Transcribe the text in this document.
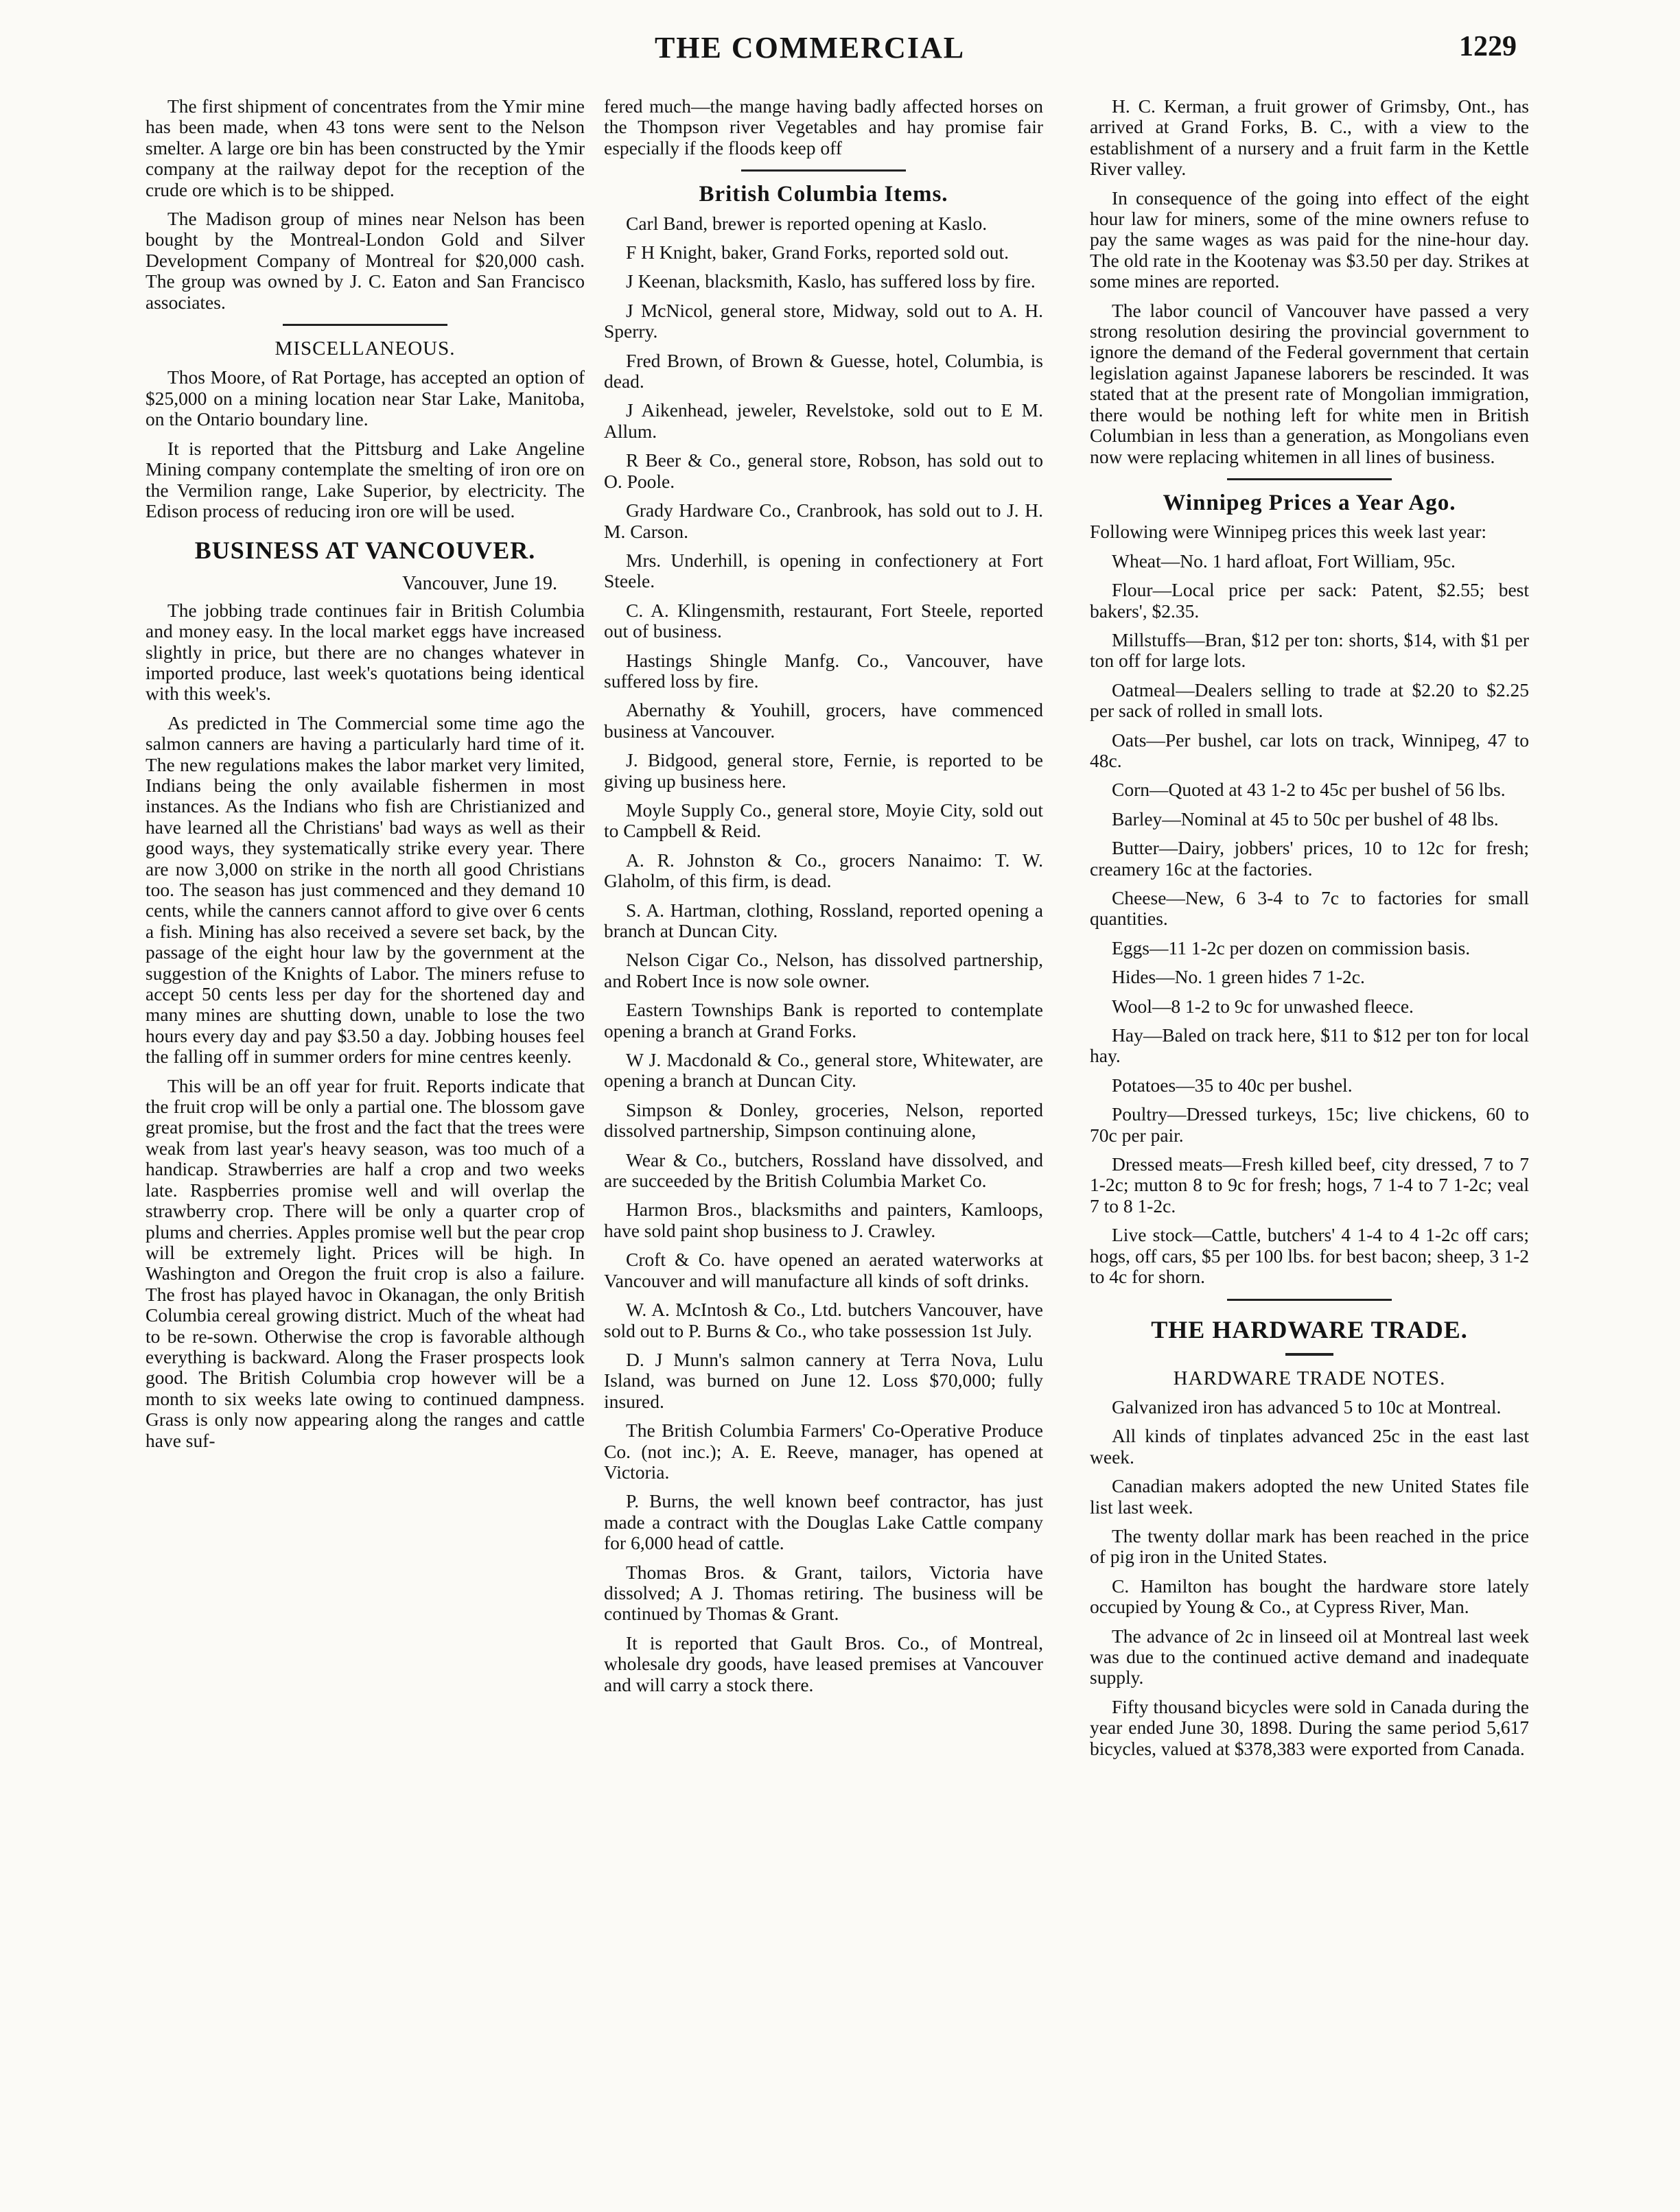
THE COMMERCIAL	1229

The first shipment of concentrates from the Ymir mine has been made, when 43 tons were sent to the Nelson smelter. A large ore bin has been constructed by the Ymir company at the railway depot for the reception of the crude ore which is to be shipped.

The Madison group of mines near Nelson has been bought by the Montreal-London Gold and Silver Development Company of Montreal for $20,000 cash. The group was owned by J. C. Eaton and San Francisco associates.

MISCELLANEOUS.

Thos Moore, of Rat Portage, has accepted an option of $25,000 on a mining location near Star Lake, Manitoba, on the Ontario boundary line.

It is reported that the Pittsburg and Lake Angeline Mining company contemplate the smelting of iron ore on the Vermilion range, Lake Superior, by electricity. The Edison process of reducing iron ore will be used.

BUSINESS AT VANCOUVER.
Vancouver, June 19.

The jobbing trade continues fair in British Columbia and money easy. In the local market eggs have increased slightly in price, but there are no changes whatever in imported produce, last week's quotations being identical with this week's.

As predicted in The Commercial some time ago the salmon canners are having a particularly hard time of it. The new regulations makes the labor market very limited, Indians being the only available fishermen in most instances. As the Indians who fish are Christianized and have learned all the Christians' bad ways as well as their good ways, they systematically strike every year. There are now 3,000 on strike in the north all good Christians too. The season has just commenced and they demand 10 cents, while the canners cannot afford to give over 6 cents a fish. Mining has also received a severe set back, by the passage of the eight hour law by the government at the suggestion of the Knights of Labor. The miners refuse to accept 50 cents less per day for the shortened day and many mines are shutting down, unable to lose the two hours every day and pay $3.50 a day. Jobbing houses feel the falling off in summer orders for mine centres keenly.

This will be an off year for fruit. Reports indicate that the fruit crop will be only a partial one. The blossom gave great promise, but the frost and the fact that the trees were weak from last year's heavy season, was too much of a handicap. Strawberries are half a crop and two weeks late. Raspberries promise well and will overlap the strawberry crop. There will be only a quarter crop of plums and cherries. Apples promise well but the pear crop will be extremely light. Prices will be high. In Washington and Oregon the fruit crop is also a failure. The frost has played havoc in Okanagan, the only British Columbia cereal growing district. Much of the wheat had to be re-sown. Otherwise the crop is favorable although everything is backward. Along the Fraser prospects look good. The British Columbia crop however will be a month to six weeks late owing to continued dampness. Grass is only now appearing along the ranges and cattle have suf-

fered much—the mange having badly affected horses on the Thompson river Vegetables and hay promise fair especially if the floods keep off

British Columbia Items.

Carl Band, brewer is reported opening at Kaslo.

F H Knight, baker, Grand Forks, reported sold out.

J Keenan, blacksmith, Kaslo, has suffered loss by fire.

J McNicol, general store, Midway, sold out to A. H. Sperry.

Fred Brown, of Brown & Guesse, hotel, Columbia, is dead.

J Aikenhead, jeweler, Revelstoke, sold out to E M. Allum.

R Beer & Co., general store, Robson, has sold out to O. Poole.

Grady Hardware Co., Cranbrook, has sold out to J. H. M. Carson.

Mrs. Underhill, is opening in confectionery at Fort Steele.

C. A. Klingensmith, restaurant, Fort Steele, reported out of business.

Hastings Shingle Manfg. Co., Vancouver, have suffered loss by fire.

Abernathy & Youhill, grocers, have commenced business at Vancouver.

J. Bidgood, general store, Fernie, is reported to be giving up business here.

Moyle Supply Co., general store, Moyie City, sold out to Campbell & Reid.

A. R. Johnston & Co., grocers Nanaimo: T. W. Glaholm, of this firm, is dead.

S. A. Hartman, clothing, Rossland, reported opening a branch at Duncan City.

Nelson Cigar Co., Nelson, has dissolved partnership, and Robert Ince is now sole owner.

Eastern Townships Bank is reported to contemplate opening a branch at Grand Forks.

W J. Macdonald & Co., general store, Whitewater, are opening a branch at Duncan City.

Simpson & Donley, groceries, Nelson, reported dissolved partnership, Simpson continuing alone,

Wear & Co., butchers, Rossland have dissolved, and are succeeded by the British Columbia Market Co.

Harmon Bros., blacksmiths and painters, Kamloops, have sold paint shop business to J. Crawley.

Croft & Co. have opened an aerated waterworks at Vancouver and will manufacture all kinds of soft drinks.

W. A. McIntosh & Co., Ltd. butchers Vancouver, have sold out to P. Burns & Co., who take possession 1st July.

D. J Munn's salmon cannery at Terra Nova, Lulu Island, was burned on June 12. Loss $70,000; fully insured.

The British Columbia Farmers' Co-Operative Produce Co. (not inc.); A. E. Reeve, manager, has opened at Victoria.

P. Burns, the well known beef contractor, has just made a contract with the Douglas Lake Cattle company for 6,000 head of cattle.

Thomas Bros. & Grant, tailors, Victoria have dissolved; A J. Thomas retiring. The business will be continued by Thomas & Grant.

It is reported that Gault Bros. Co., of Montreal, wholesale dry goods, have leased premises at Vancouver and will carry a stock there.

H. C. Kerman, a fruit grower of Grimsby, Ont., has arrived at Grand Forks, B. C., with a view to the establishment of a nursery and a fruit farm in the Kettle River valley.

In consequence of the going into effect of the eight hour law for miners, some of the mine owners refuse to pay the same wages as was paid for the nine-hour day. The old rate in the Kootenay was $3.50 per day. Strikes at some mines are reported.

The labor council of Vancouver have passed a very strong resolution desiring the provincial government to ignore the demand of the Federal government that certain legislation against Japanese laborers be rescinded. It was stated that at the present rate of Mongolian immigration, there would be nothing left for white men in British Columbian in less than a generation, as Mongolians even now were replacing whitemen in all lines of business.

Winnipeg Prices a Year Ago.

Following were Winnipeg prices this week last year:

Wheat—No. 1 hard afloat, Fort William, 95c.

Flour—Local price per sack: Patent, $2.55; best bakers', $2.35.

Millstuffs—Bran, $12 per ton: shorts, $14, with $1 per ton off for large lots.

Oatmeal—Dealers selling to trade at $2.20 to $2.25 per sack of rolled in small lots.

Oats—Per bushel, car lots on track, Winnipeg, 47 to 48c.

Corn—Quoted at 43 1-2 to 45c per bushel of 56 lbs.

Barley—Nominal at 45 to 50c per bushel of 48 lbs.

Butter—Dairy, jobbers' prices, 10 to 12c for fresh; creamery 16c at the factories.

Cheese—New, 6 3-4 to 7c to factories for small quantities.

Eggs—11 1-2c per dozen on commission basis.

Hides—No. 1 green hides 7 1-2c.

Wool—8 1-2 to 9c for unwashed fleece.

Hay—Baled on track here, $11 to $12 per ton for local hay.

Potatoes—35 to 40c per bushel.

Poultry—Dressed turkeys, 15c; live chickens, 60 to 70c per pair.

Dressed meats—Fresh killed beef, city dressed, 7 to 7 1-2c; mutton 8 to 9c for fresh; hogs, 7 1-4 to 7 1-2c; veal 7 to 8 1-2c.

Live stock—Cattle, butchers' 4 1-4 to 4 1-2c off cars; hogs, off cars, $5 per 100 lbs. for best bacon; sheep, 3 1-2 to 4c for shorn.

THE HARDWARE TRADE.
HARDWARE TRADE NOTES.

Galvanized iron has advanced 5 to 10c at Montreal.

All kinds of tinplates advanced 25c in the east last week.

Canadian makers adopted the new United States file list last week.

The twenty dollar mark has been reached in the price of pig iron in the United States.

C. Hamilton has bought the hardware store lately occupied by Young & Co., at Cypress River, Man.

The advance of 2c in linseed oil at Montreal last week was due to the continued active demand and inadequate supply.

Fifty thousand bicycles were sold in Canada during the year ended June 30, 1898. During the same period 5,617 bicycles, valued at $378,383 were exported from Canada.
